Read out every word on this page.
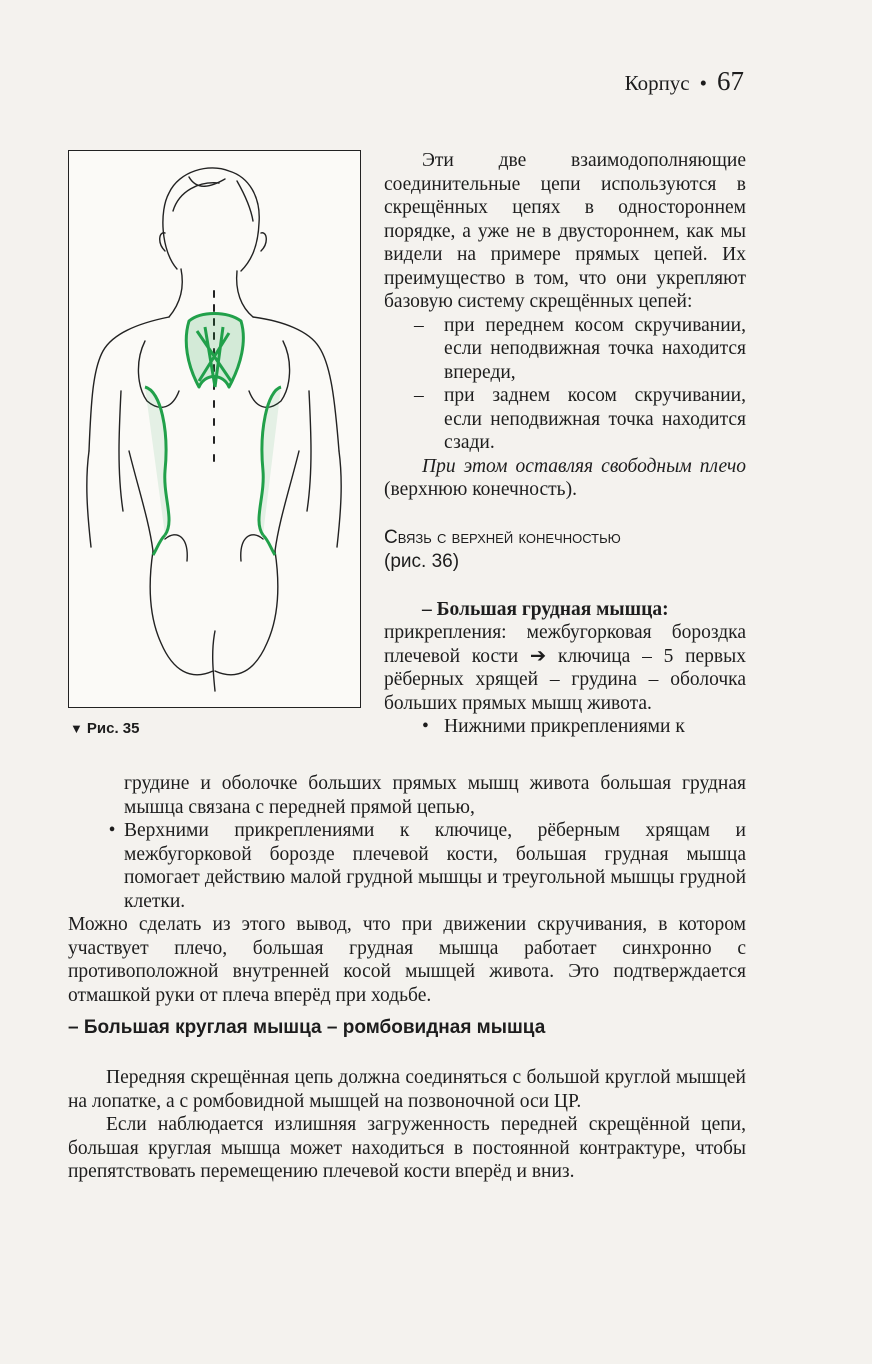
Корпус • 67
▼ Рис. 35

Эти две взаимодополняющие соединительные цепи используются в скрещённых цепях в одностороннем порядке, а уже не в двустороннем, как мы видели на примере прямых цепей. Их преимущество в том, что они укрепляют базовую систему скрещённых цепей:

–	при переднем косом скручивании, если неподвижная точка находится впереди,
–	при заднем косом скручивании, если неподвижная точка находится сзади.

При этом оставляя свободным плечо (верхнюю конечность).

Связь с верхней конечностью
(рис. 36)

– Большая грудная мышца:

прикрепления: межбугорковая бороздка плечевой кости ➔ ключица – 5 первых рёберных хрящей – грудина – оболочка больших прямых мышц живота.

• Нижними прикреплениями к

грудине и оболочке больших прямых мышц живота большая грудная мышца связана с передней прямой цепью,

• Верхними прикреплениями к ключице, рёберным хрящам и межбугорковой борозде плечевой кости, большая грудная мышца помогает действию малой грудной мышцы и треугольной мышцы грудной клетки.

Можно сделать из этого вывод, что при движении скручивания, в котором участвует плечо, большая грудная мышца работает синхронно с противоположной внутренней косой мышцей живота. Это подтверждается отмашкой руки от плеча вперёд при ходьбе.

– Большая круглая мышца – ромбовидная мышца

Передняя скрещённая цепь должна соединяться с большой круглой мышцей на лопатке, а с ромбовидной мышцей на позвоночной оси ЦР.

Если наблюдается излишняя загруженность передней скрещённой цепи, большая круглая мышца может находиться в постоянной контрактуре, чтобы препятствовать перемещению плечевой кости вперёд и вниз.
